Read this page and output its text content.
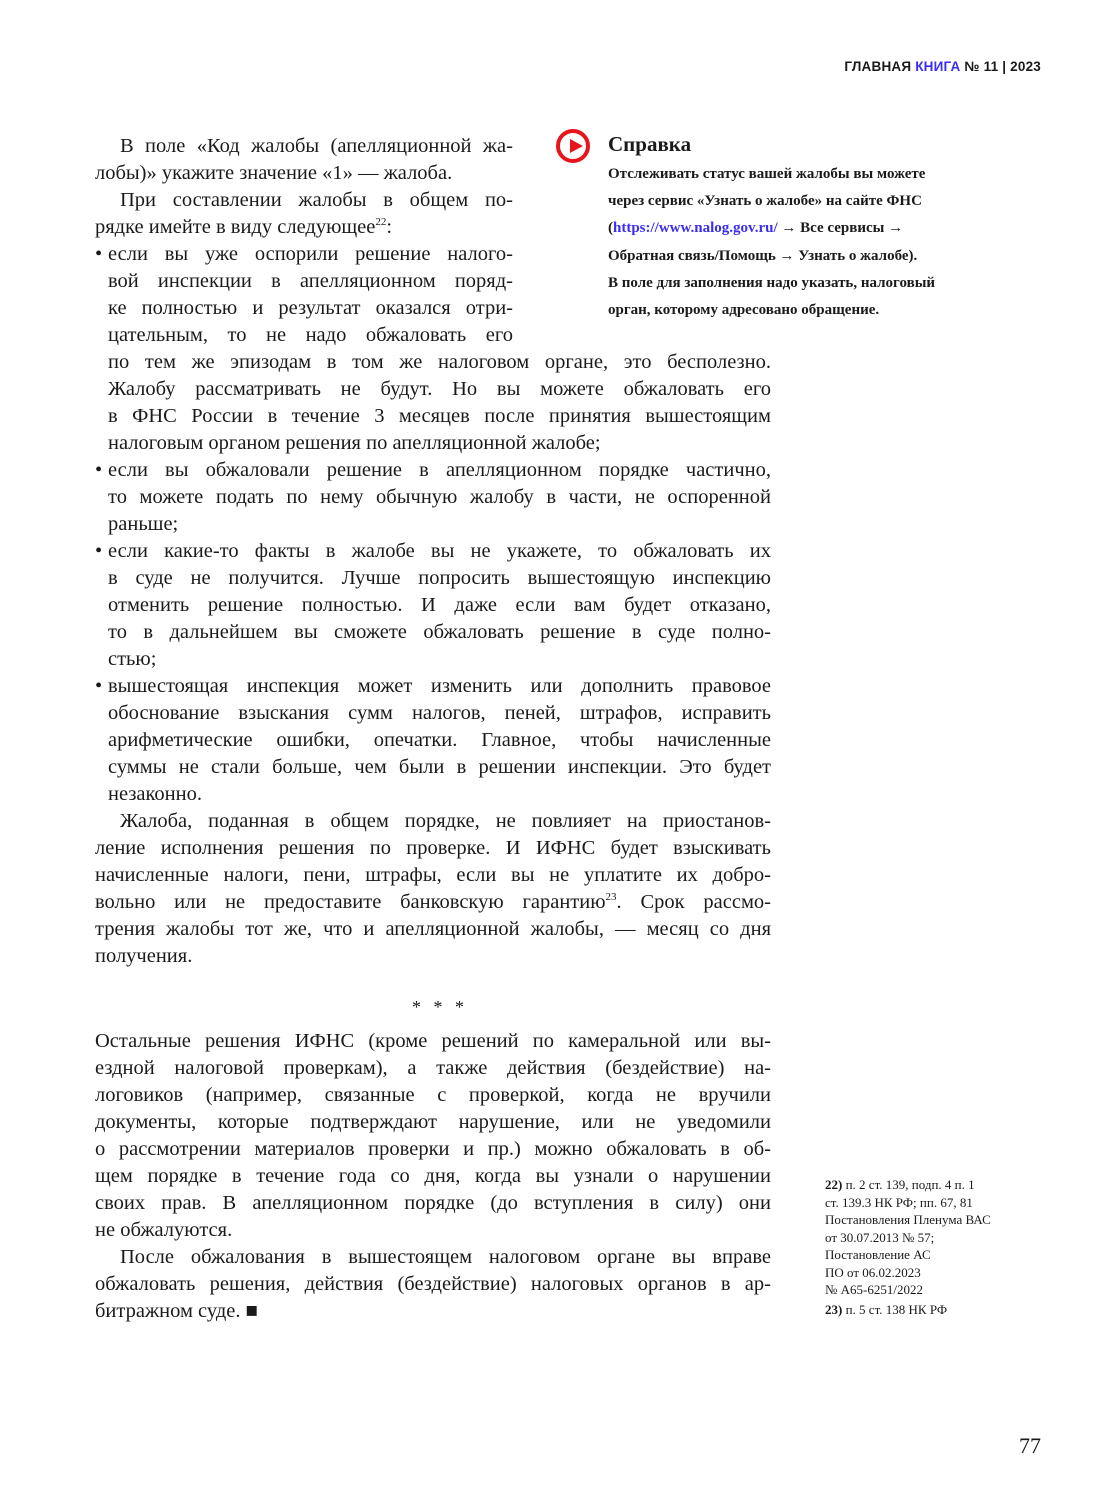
ГЛАВНАЯ КНИГА № 11 | 2023
В поле «Код жалобы (апелляционной жа-
лобы)» укажите значение «1» — жалоба.
При составлении жалобы в общем по-
рядке имейте в виду следующее$^{22}$:
• если вы уже оспорили решение налого-
вой инспекции в апелляционном поряд-
ке полностью и результат оказался отри-
цательным, то не надо обжаловать его
по тем же эпизодам в том же налоговом органе, это бесполезно.
Жалобу рассматривать не будут. Но вы можете обжаловать его
в ФНС России в течение 3 месяцев после принятия вышестоящим
налоговым органом решения по апелляционной жалобе;
• если вы обжаловали решение в апелляционном порядке частично,
то можете подать по нему обычную жалобу в части, не оспоренной
раньше;
• если какие-то факты в жалобе вы не укажете, то обжаловать их
в суде не получится. Лучше попросить вышестоящую инспекцию
отменить решение полностью. И даже если вам будет отказано,
то в дальнейшем вы сможете обжаловать решение в суде полно-
стью;
• вышестоящая инспекция может изменить или дополнить правовое
обоснование взыскания сумм налогов, пеней, штрафов, исправить
арифметические ошибки, опечатки. Главное, чтобы начисленные
суммы не стали больше, чем были в решении инспекции. Это будет
незаконно.
Жалоба, поданная в общем порядке, не повлияет на приостанов-
ление исполнения решения по проверке. И ИФНС будет взыскивать
начисленные налоги, пени, штрафы, если вы не уплатите их добро-
вольно или не предоставите банковскую гарантию$^{23}$. Срок рассмо-
трения жалобы тот же, что и апелляционной жалобы, — месяц со дня
получения.
Остальные решения ИФНС (кроме решений по камеральной или вы-
ездной налоговой проверкам), а также действия (бездействие) на-
логовиков (например, связанные с проверкой, когда не вручили
документы, которые подтверждают нарушение, или не уведомили
о рассмотрении материалов проверки и пр.) можно обжаловать в об-
щем порядке в течение года со дня, когда вы узнали о нарушении
своих прав. В апелляционном порядке (до вступления в силу) они
не обжалуются.
После обжалования в вышестоящем налоговом органе вы вправе
обжаловать решения, действия (бездействие) налоговых органов в ар-
битражном суде. ■
* * *
Справка
Отслеживать статус вашей жалобы вы можете
через сервис «Узнать о жалобе» на сайте ФНС
(https://www.nalog.gov.ru/ → Все сервисы →
Обратная связь/Помощь → Узнать о жалобе).
В поле для заполнения надо указать, налоговый
орган, которому адресовано обращение.
22) п. 2 ст. 139, подп. 4 п. 1
ст. 139.3 НК РФ; пп. 67, 81
Постановления Пленума ВАС
от 30.07.2013 № 57;
Постановление АС
ПО от 06.02.2023
№ А65-6251/2022
23) п. 5 ст. 138 НК РФ
77
